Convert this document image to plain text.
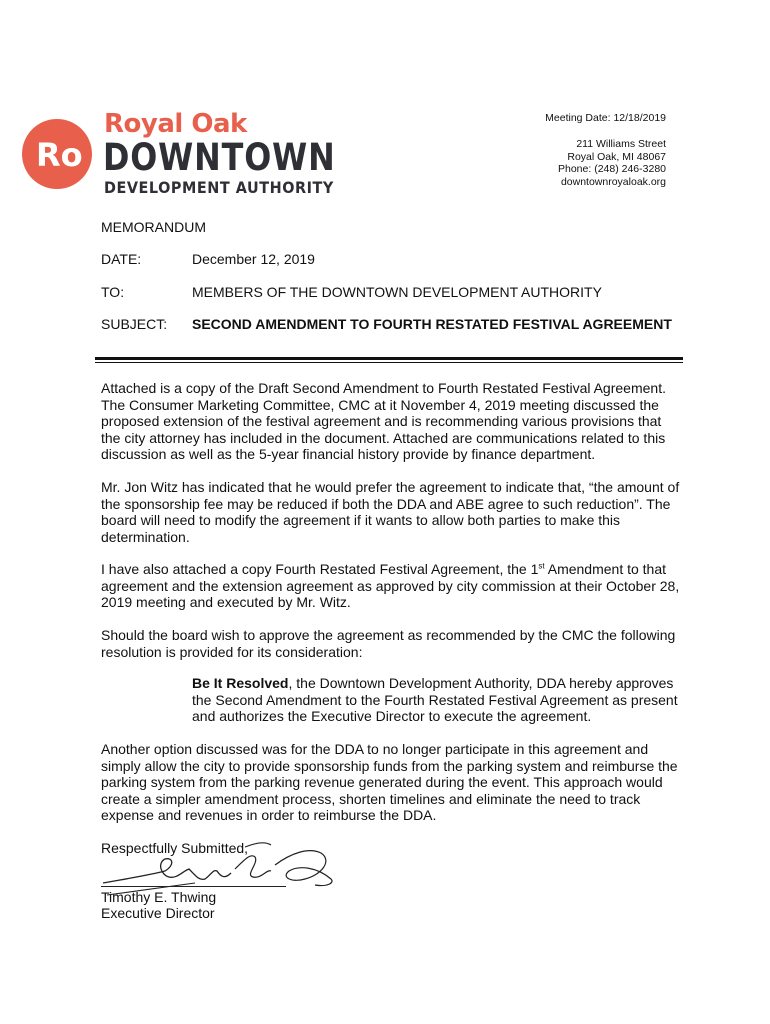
Ro
Royal Oak
DOWNTOWN
DEVELOPMENT AUTHORITY
Meeting Date: 12/18/2019
211 Williams Street
Royal Oak, MI 48067
Phone: (248) 246-3280
downtownroyaloak.org
MEMORANDUM
DATE:	December 12, 2019
TO:	MEMBERS OF THE DOWNTOWN DEVELOPMENT AUTHORITY
SUBJECT: SECOND AMENDMENT TO FOURTH RESTATED FESTIVAL AGREEMENT
Attached is a copy of the Draft Second Amendment to Fourth Restated Festival Agreement. The Consumer Marketing Committee, CMC at it November 4, 2019 meeting discussed the proposed extension of the festival agreement and is recommending various provisions that the city attorney has included in the document. Attached are communications related to this discussion as well as the 5-year financial history provide by finance department.
Mr. Jon Witz has indicated that he would prefer the agreement to indicate that, “the amount of the sponsorship fee may be reduced if both the DDA and ABE agree to such reduction”. The board will need to modify the agreement if it wants to allow both parties to make this determination.
I have also attached a copy Fourth Restated Festival Agreement, the 1st Amendment to that agreement and the extension agreement as approved by city commission at their October 28, 2019 meeting and executed by Mr. Witz.
Should the board wish to approve the agreement as recommended by the CMC the following resolution is provided for its consideration:
Be It Resolved, the Downtown Development Authority, DDA hereby approves the Second Amendment to the Fourth Restated Festival Agreement as present and authorizes the Executive Director to execute the agreement.
Another option discussed was for the DDA to no longer participate in this agreement and simply allow the city to provide sponsorship funds from the parking system and reimburse the parking system from the parking revenue generated during the event. This approach would create a simpler amendment process, shorten timelines and eliminate the need to track expense and revenues in order to reimburse the DDA.
Respectfully Submitted,
Timothy E. Thwing
Executive Director
